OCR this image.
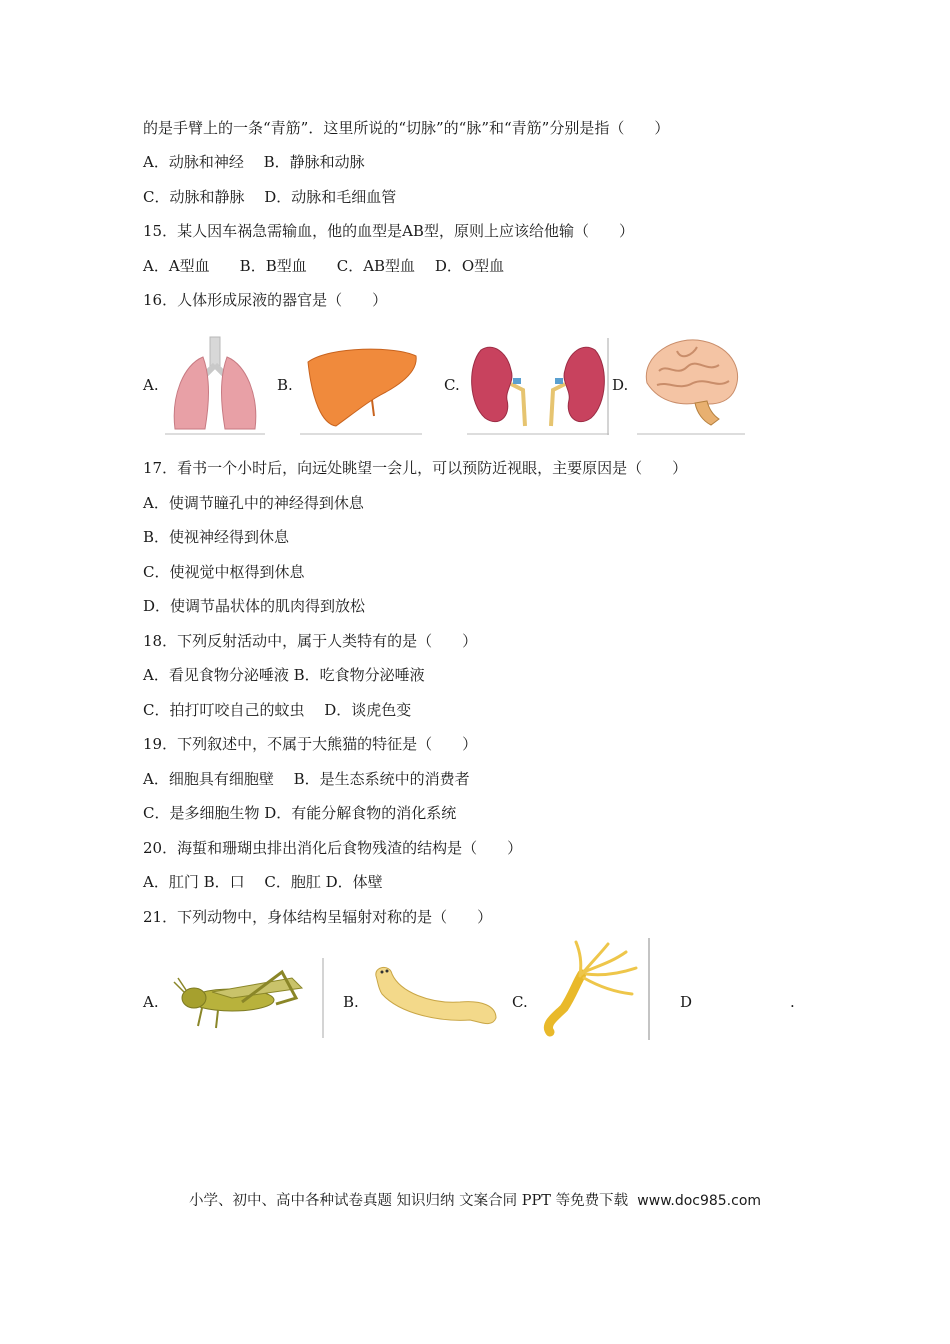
的是手臂上的一条“青筋”．这里所说的“切脉”的“脉”和“青筋”分别是指（　　）
A．动脉和神经　 B．静脉和动脉
C．动脉和静脉　 D．动脉和毛细血管
15．某人因车祸急需输血，他的血型是AB型，原则上应该给他输（　　）
A．A型血　　B．B型血　　C．AB型血　 D．O型血
16．人体形成尿液的器官是（　　）
A.	B.	C.	D.
17．看书一个小时后，向远处眺望一会儿，可以预防近视眼，主要原因是（　　）
A．使调节瞳孔中的神经得到休息
B．使视神经得到休息
C．使视觉中枢得到休息
D．使调节晶状体的肌肉得到放松
18．下列反射活动中，属于人类特有的是（　　）
A．看见食物分泌唾液 B．吃食物分泌唾液
C．拍打叮咬自己的蚊虫　 D．谈虎色变
19．下列叙述中，不属于大熊猫的特征是（　　）
A．细胞具有细胞壁　 B．是生态系统中的消费者
C．是多细胞生物 D．有能分解食物的消化系统
20．海蜇和珊瑚虫排出消化后食物残渣的结构是（　　）
A．肛门 B．口　 C．胞肛 D．体壁
21．下列动物中，身体结构呈辐射对称的是（　　）
A.	B.	C.	D	.
小学、初中、高中各种试卷真题 知识归纳 文案合同 PPT 等免费下载  www.doc985.com
